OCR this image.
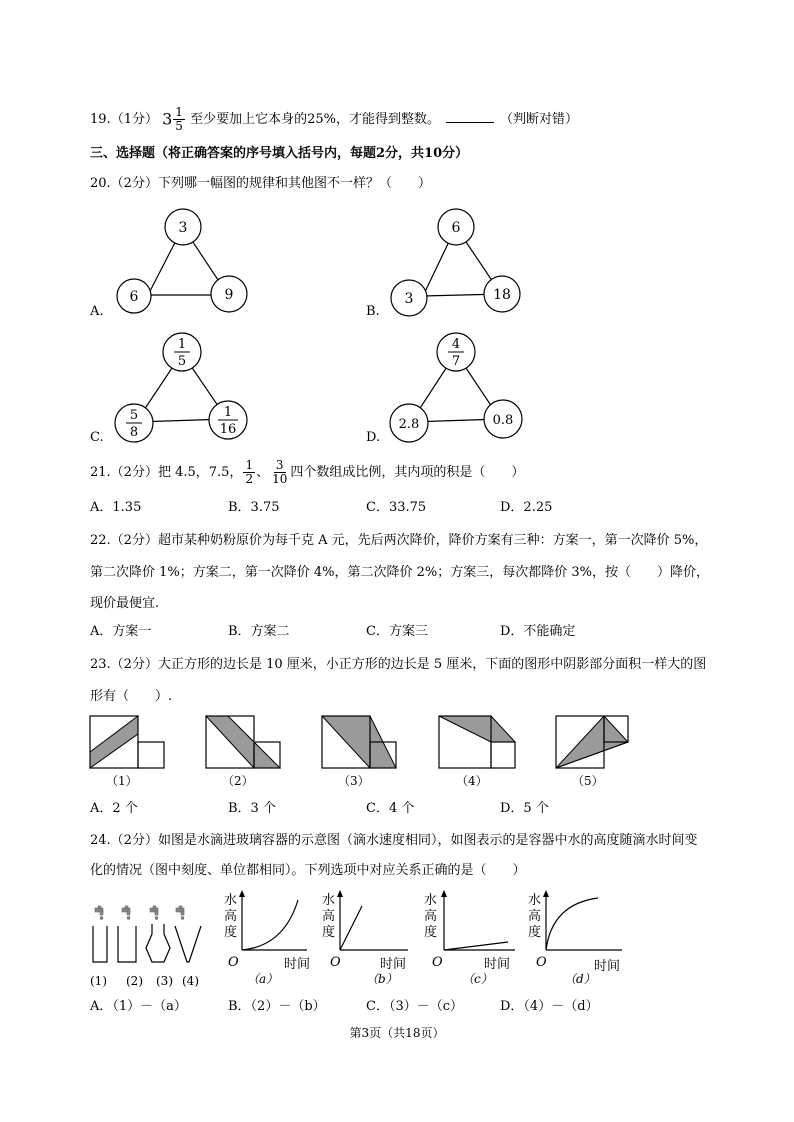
19.（1分） $3 \frac{1}{5}$ 至少要加上它本身的25%，才能得到整数。	（判断对错）
三、选择题（将正确答案的序号填入括号内，每题2分，共10分）
20.（2分）下列哪一幅图的规律和其他图不一样？（　　）
A.
3
6	9
B.
6
3	18
C.
1
5
5
8
1
16
D.
4
7
2.8	0.8
21.（2分）把 4.5，7.5， $\frac{1}{2}$ 、 $\frac{3}{10}$ 四个数组成比例，其内项的积是（　　）
A．1.35	B．3.75	C．33.75	D．2.25
22.（2分）超市某种奶粉原价为每千克 A 元，先后两次降价，降价方案有三种：方案一，第一次降价 5%，
第二次降价 1%；方案二，第一次降价 4%，第二次降价 2%；方案三，每次都降价 3%，按（　　）降价，
现价最便宜.
A．方案一	B．方案二	C．方案三	D．不能确定
23.（2分）大正方形的边长是 10 厘米，小正方形的边长是 5 厘米，下面的图形中阴影部分面积一样大的图
形有（　　）.
（1）	（2）	（3）	（4）	（5）
A．2 个	B．3 个	C．4 个	D．5 个
24.（2分）如图是水滴进玻璃容器的示意图（滴水速度相同），如图表示的是容器中水的高度随滴水时间变
化的情况（图中刻度、单位都相同）。下列选项中对应关系正确的是（　　）
(1) (2) (3) (4)
水
高
度
O	时间
（a）
水
高
度
O	时间
（b）
水
高
度
O	时间
（c）
水
高
度
O	时间
（d）
A．（1）－（a）	B．（2）－（b）	C．（3）－（c）	D．（4）－（d）
第3页（共18页）
